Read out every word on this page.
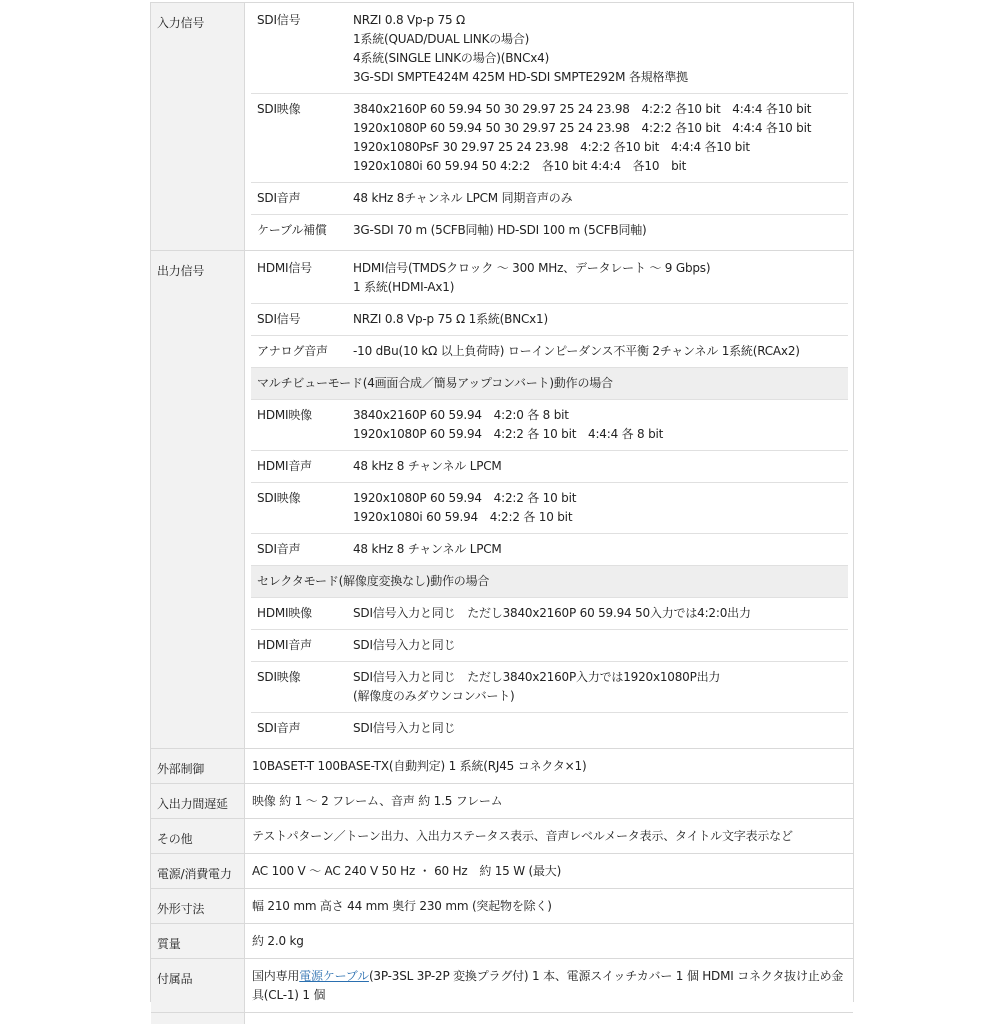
入力信号	SDI信号	NRZI 0.8 Vp-p 75 Ω
1系統(QUAD/DUAL LINKの場合)
4系統(SINGLE LINKの場合)(BNCx4)
3G-SDI SMPTE424M 425M HD-SDI SMPTE292M 各規格準拠
SDI映像	3840x2160P 60 59.94 50 30 29.97 25 24 23.98　4:2:2 各10 bit　4:4:4 各10 bit
1920x1080P 60 59.94 50 30 29.97 25 24 23.98　4:2:2 各10 bit　4:4:4 各10 bit
1920x1080PsF 30 29.97 25 24 23.98　4:2:2 各10 bit　4:4:4 各10 bit
1920x1080i 60 59.94 50 4:2:2　各10 bit 4:4:4　各10　bit
SDI音声	48 kHz 8チャンネル LPCM 同期音声のみ
ケーブル補償	3G-SDI 70 m (5CFB同軸) HD-SDI 100 m (5CFB同軸)
出力信号	HDMI信号	HDMI信号(TMDSクロック 〜 300 MHz、データレート 〜 9 Gbps)
1 系統(HDMI-Ax1)
SDI信号	NRZI 0.8 Vp-p 75 Ω 1系統(BNCx1)
アナログ音声	-10 dBu(10 kΩ 以上負荷時) ローインピーダンス不平衡 2チャンネル 1系統(RCAx2)
マルチビューモード(4画面合成／簡易アップコンバート)動作の場合
HDMI映像	3840x2160P 60 59.94　4:2:0 各 8 bit
1920x1080P 60 59.94　4:2:2 各 10 bit　4:4:4 各 8 bit
HDMI音声	48 kHz 8 チャンネル LPCM
SDI映像	1920x1080P 60 59.94　4:2:2 各 10 bit
1920x1080i 60 59.94　4:2:2 各 10 bit
SDI音声	48 kHz 8 チャンネル LPCM
セレクタモード(解像度変換なし)動作の場合
HDMI映像	SDI信号入力と同じ　ただし3840x2160P 60 59.94 50入力では4:2:0出力
HDMI音声	SDI信号入力と同じ
SDI映像	SDI信号入力と同じ　ただし3840x2160P入力では1920x1080P出力
(解像度のみダウンコンバート)
SDI音声	SDI信号入力と同じ
外部制御	10BASET-T 100BASE-TX(自動判定) 1 系統(RJ45 コネクタ×1)
入出力間遅延	映像 約 1 〜 2 フレーム、音声 約 1.5 フレーム
その他	テストパターン／トーン出力、入出力ステータス表示、音声レベルメータ表示、タイトル文字表示など
電源/消費電力	AC 100 V 〜 AC 240 V 50 Hz ・ 60 Hz　約 15 W (最大)
外形寸法	幅 210 mm 高さ 44 mm 奥行 230 mm (突起物を除く)
質量	約 2.0 kg
付属品	国内専用電源ケーブル(3P-3SL 3P-2P 変換プラグ付) 1 本、電源スイッチカバー 1 個 HDMI コネクタ抜け止め金具(CL-1) 1 個
